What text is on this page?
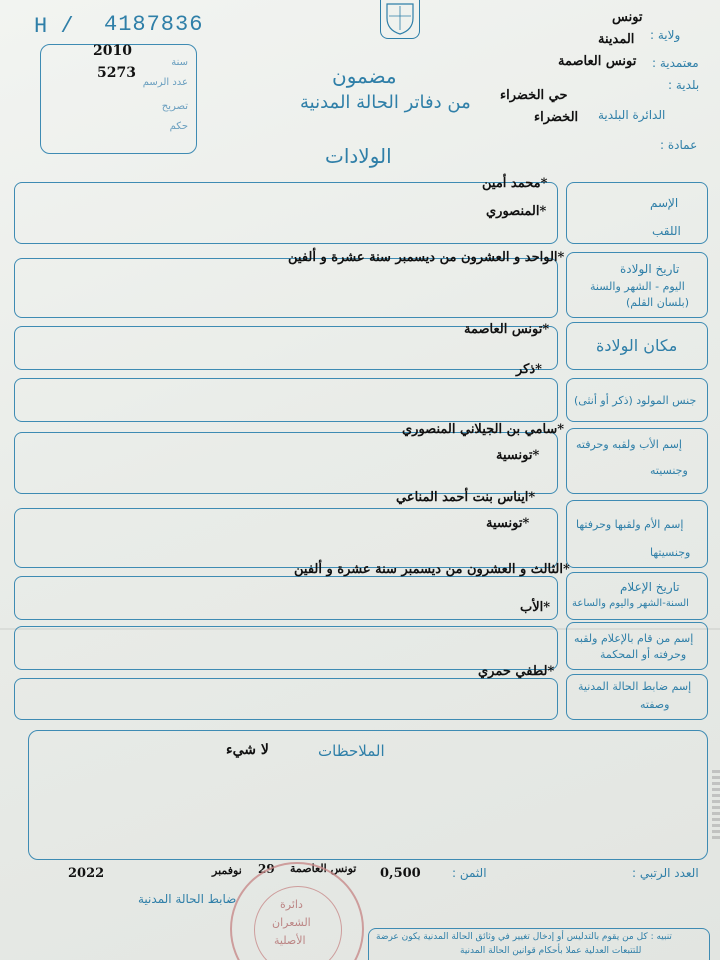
H / 4187836
سنة
2010
عدد الرسم
5273
تصريح
حكم
مضمون
من دفاتر الحالة المدنية
الولادات
ولاية :
تونس
المدينة
معتمدية :
تونس العاصمة
بلدية :
حي الخضراء
الدائرة البلدية
الخضراء
عمادة :
الإسم
اللقب
محمد أمين*
المنصوري*
تاريخ الولادة
اليوم - الشهر والسنة
(بلسان القلم)
الواحد و العشرون من ديسمبر سنة عشرة و ألفين*
مكان الولادة
تونس العاصمة*
جنس المولود (ذكر أو أنثى)
ذكر*
إسم الأب ولقبه وحرفته
وجنسيته
سامي بن الجيلاني المنصوري*
تونسية*
إسم الأم ولقبها وحرفتها
وجنسيتها
ايناس بنت أحمد المناعي*
تونسية*
تاريخ الإعلام
السنة-الشهر واليوم والساعة
الثالث و العشرون من ديسمبر سنة عشرة و ألفين*
إسم من قام بالإعلام ولقبه
وحرفته أو المحكمة
الأب*
إسم ضابط الحالة المدنية
وصفته
لطفي حمري*
الملاحظات
لا شيء
العدد الرتبي :
الثمن :
0,500
تونس العاصمة
29
نوفمبر
2022
ضابط الحالة المدنية	دائرة
الشعران
الأصلية	تنبيه : كل من يقوم بالتدليس أو إدخال تغيير في وثائق الحالة المدنية يكون عرضة
للتتبعات العدلية عملا بأحكام قوانين الحالة المدنية
